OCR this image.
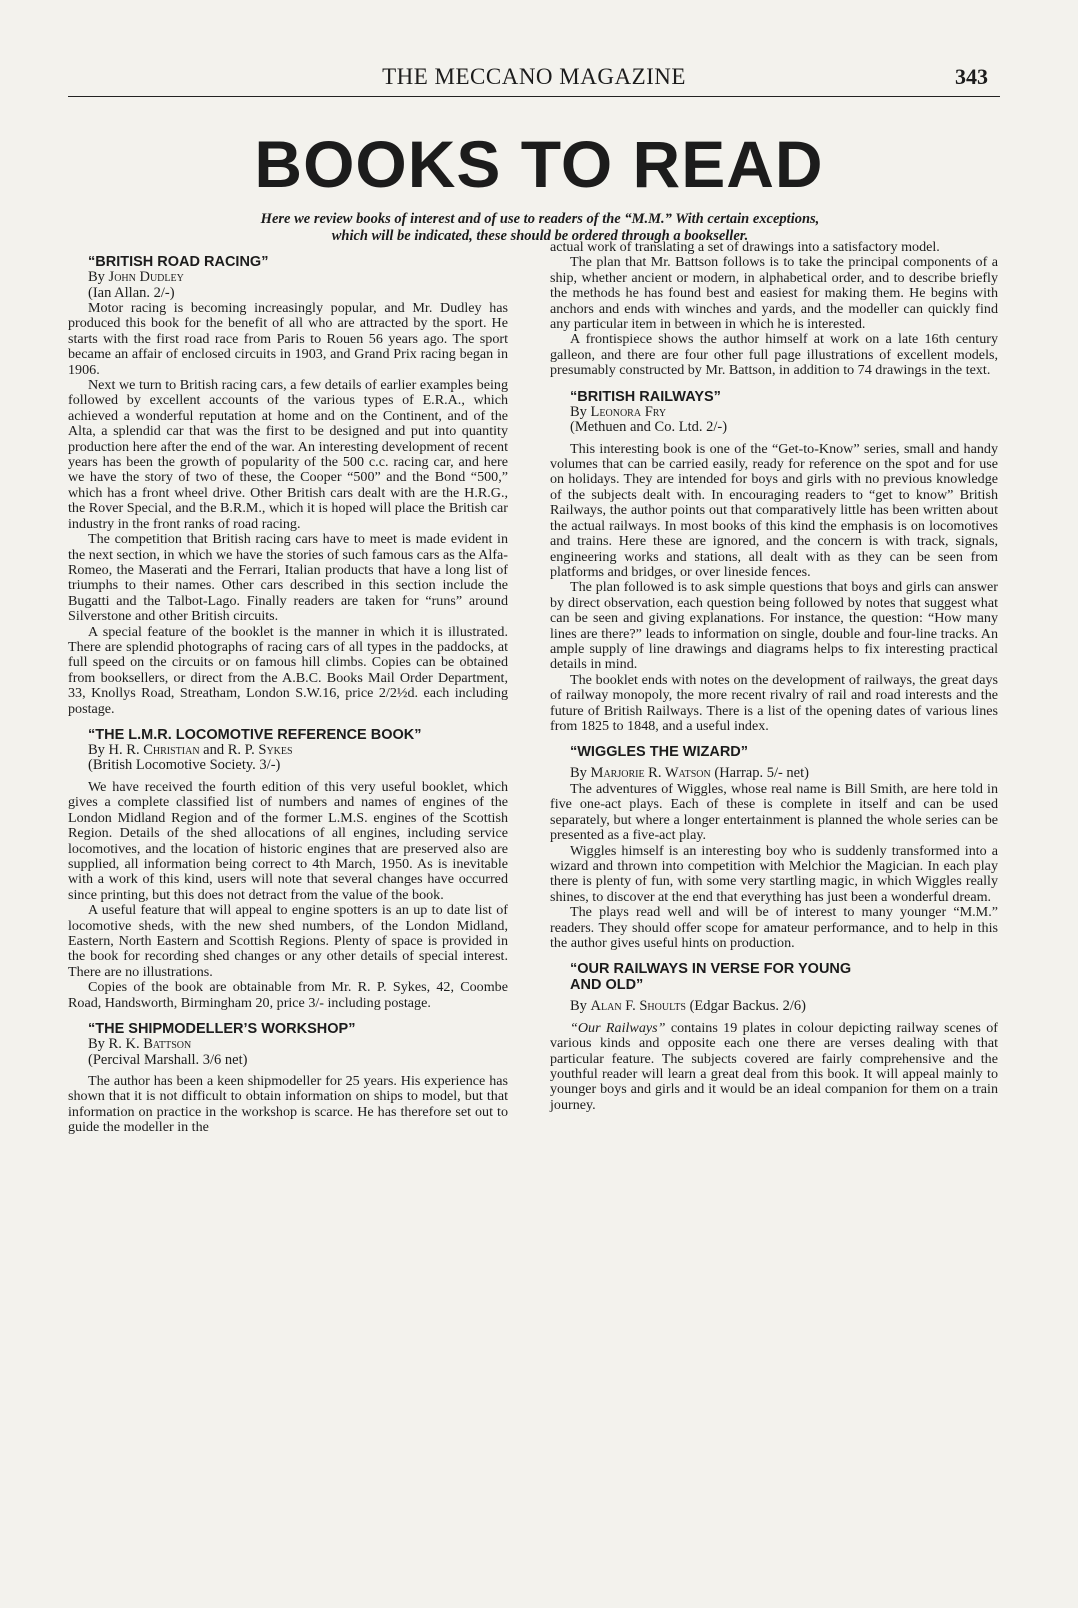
THE MECCANO MAGAZINE	343
BOOKS TO READ
Here we review books of interest and of use to readers of the “M.M.” With certain exceptions,
which will be indicated, these should be ordered through a bookseller.

“BRITISH ROAD RACING”

By John Dudley

(Ian Allan. 2/-)

Motor racing is becoming increasingly popular, and Mr. Dudley has produced this book for the benefit of all who are attracted by the sport. He starts with the first road race from Paris to Rouen 56 years ago. The sport became an affair of enclosed circuits in 1903, and Grand Prix racing began in 1906.

Next we turn to British racing cars, a few details of earlier examples being followed by excellent accounts of the various types of E.R.A., which achieved a wonderful reputation at home and on the Continent, and of the Alta, a splendid car that was the first to be designed and put into quantity production here after the end of the war. An interesting development of recent years has been the growth of popularity of the 500 c.c. racing car, and here we have the story of two of these, the Cooper “500” and the Bond “500,” which has a front wheel drive. Other British cars dealt with are the H.R.G., the Rover Special, and the B.R.M., which it is hoped will place the British car industry in the front ranks of road racing.

The competition that British racing cars have to meet is made evident in the next section, in which we have the stories of such famous cars as the Alfa-Romeo, the Maserati and the Ferrari, Italian products that have a long list of triumphs to their names. Other cars described in this section include the Bugatti and the Talbot-Lago. Finally readers are taken for “runs” around Silverstone and other British circuits.

A special feature of the booklet is the manner in which it is illustrated. There are splendid photographs of racing cars of all types in the paddocks, at full speed on the circuits or on famous hill climbs. Copies can be obtained from booksellers, or direct from the A.B.C. Books Mail Order Department, 33, Knollys Road, Streatham, London S.W.16, price 2/2½d. each including postage.

“THE L.M.R. LOCOMOTIVE REFERENCE BOOK”

By H. R. Christian and R. P. Sykes

(British Locomotive Society. 3/-)

We have received the fourth edition of this very useful booklet, which gives a complete classified list of numbers and names of engines of the London Midland Region and of the former L.M.S. engines of the Scottish Region. Details of the shed allocations of all engines, including service locomotives, and the location of historic engines that are preserved also are supplied, all information being correct to 4th March, 1950. As is inevitable with a work of this kind, users will note that several changes have occurred since printing, but this does not detract from the value of the book.

A useful feature that will appeal to engine spotters is an up to date list of locomotive sheds, with the new shed numbers, of the London Midland, Eastern, North Eastern and Scottish Regions. Plenty of space is provided in the book for recording shed changes or any other details of special interest. There are no illustrations.

Copies of the book are obtainable from Mr. R. P. Sykes, 42, Coombe Road, Handsworth, Birmingham 20, price 3/- including postage.

“THE SHIPMODELLER’S WORKSHOP”

By R. K. Battson

(Percival Marshall. 3/6 net)

The author has been a keen shipmodeller for 25 years. His experience has shown that it is not difficult to obtain information on ships to model, but that information on practice in the workshop is scarce. He has therefore set out to guide the modeller in the

actual work of translating a set of drawings into a satisfactory model.

The plan that Mr. Battson follows is to take the principal components of a ship, whether ancient or modern, in alphabetical order, and to describe briefly the methods he has found best and easiest for making them. He begins with anchors and ends with winches and yards, and the modeller can quickly find any particular item in between in which he is interested.

A frontispiece shows the author himself at work on a late 16th century galleon, and there are four other full page illustrations of excellent models, presumably constructed by Mr. Battson, in addition to 74 drawings in the text.

“BRITISH RAILWAYS”

By Leonora Fry

(Methuen and Co. Ltd. 2/-)

This interesting book is one of the “Get-to-Know” series, small and handy volumes that can be carried easily, ready for reference on the spot and for use on holidays. They are intended for boys and girls with no previous knowledge of the subjects dealt with. In encouraging readers to “get to know” British Railways, the author points out that comparatively little has been written about the actual railways. In most books of this kind the emphasis is on locomotives and trains. Here these are ignored, and the concern is with track, signals, engineering works and stations, all dealt with as they can be seen from platforms and bridges, or over lineside fences.

The plan followed is to ask simple questions that boys and girls can answer by direct observation, each question being followed by notes that suggest what can be seen and giving explanations. For instance, the question: “How many lines are there?” leads to information on single, double and four-line tracks. An ample supply of line drawings and diagrams helps to fix interesting practical details in mind.

The booklet ends with notes on the development of railways, the great days of railway monopoly, the more recent rivalry of rail and road interests and the future of British Railways. There is a list of the opening dates of various lines from 1825 to 1848, and a useful index.

“WIGGLES THE WIZARD”

By Marjorie R. Watson (Harrap. 5/- net)

The adventures of Wiggles, whose real name is Bill Smith, are here told in five one-act plays. Each of these is complete in itself and can be used separately, but where a longer entertainment is planned the whole series can be presented as a five-act play.

Wiggles himself is an interesting boy who is suddenly transformed into a wizard and thrown into competition with Melchior the Magician. In each play there is plenty of fun, with some very startling magic, in which Wiggles really shines, to discover at the end that everything has just been a wonderful dream.

The plays read well and will be of interest to many younger “M.M.” readers. They should offer scope for amateur performance, and to help in this the author gives useful hints on production.

“OUR RAILWAYS IN VERSE FOR YOUNG

AND OLD”

By Alan F. Shoults (Edgar Backus. 2/6)

“Our Railways” contains 19 plates in colour depicting railway scenes of various kinds and opposite each one there are verses dealing with that particular feature. The subjects covered are fairly comprehensive and the youthful reader will learn a great deal from this book. It will appeal mainly to younger boys and girls and it would be an ideal companion for them on a train journey.
